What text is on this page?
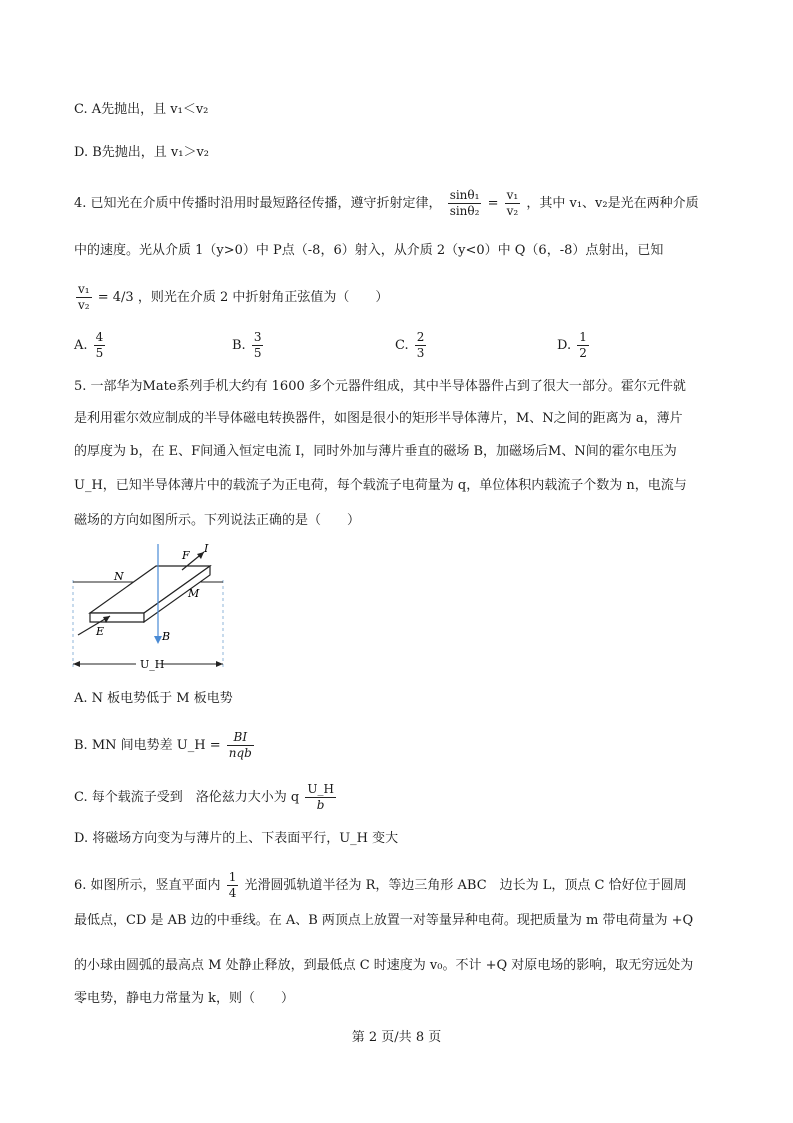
C. A先抛出，且 v₁＜v₂
D. B先抛出，且 v₁＞v₂
4. 已知光在介质中传播时沿用时最短路径传播，遵守折射定律， $\frac{\text{sinθ₁}}{\text{sinθ₂}} = \frac{\text{v₁}}{\text{v₂}}$ ，其中 v₁、v₂是光在两种介质
中的速度。光从介质 1（y>0）中 P点（-8，6）射入，从介质 2（y<0）中 Q（6，-8）点射出，已知
$\frac{\text{v₁}}{\text{v₂}} = 4/3$ ，则光在介质 2 中折射角正弦值为（　　）
A. $\frac{4}{5}$	B. $\frac{3}{5}$	C. $\frac{2}{3}$	D. $\frac{1}{2}$
5. 一部华为Mate系列手机大约有 1600 多个元器件组成，其中半导体器件占到了很大一部分。霍尔元件就
是利用霍尔效应制成的半导体磁电转换器件，如图是很小的矩形半导体薄片，M、N之间的距离为 a，薄片
的厚度为 b，在 E、F间通入恒定电流 I，同时外加与薄片垂直的磁场 B，加磁场后M、N间的霍尔电压为
U_H，已知半导体薄片中的载流子为正电荷，每个载流子电荷量为 q，单位体积内载流子个数为 n，电流与
磁场的方向如图所示。下列说法正确的是（　　）
F
I
N
M
E	B
U_H
A. N 板电势低于 M 板电势
B. MN 间电势差 U_H = $\frac{BI}{\text{nqb}}$
C. 每个载流子受到　洛伦兹力大小为 q $\frac{U\_H}{b}$
D. 将磁场方向变为与薄片的上、下表面平行，U_H 变大
6. 如图所示，竖直平面内 $\frac{1}{4}$ 光滑圆弧轨道半径为 R，等边三角形 ABC　边长为 L，顶点 C 恰好位于圆周
最低点，CD 是 AB 边的中垂线。在 A、B 两顶点上放置一对等量异种电荷。现把质量为 m 带电荷量为 +Q
的小球由圆弧的最高点 M 处静止释放，到最低点 C 时速度为 v₀。不计 +Q 对原电场的影响，取无穷远处为
零电势，静电力常量为 k，则（　　）
第 2 页/共 8 页
